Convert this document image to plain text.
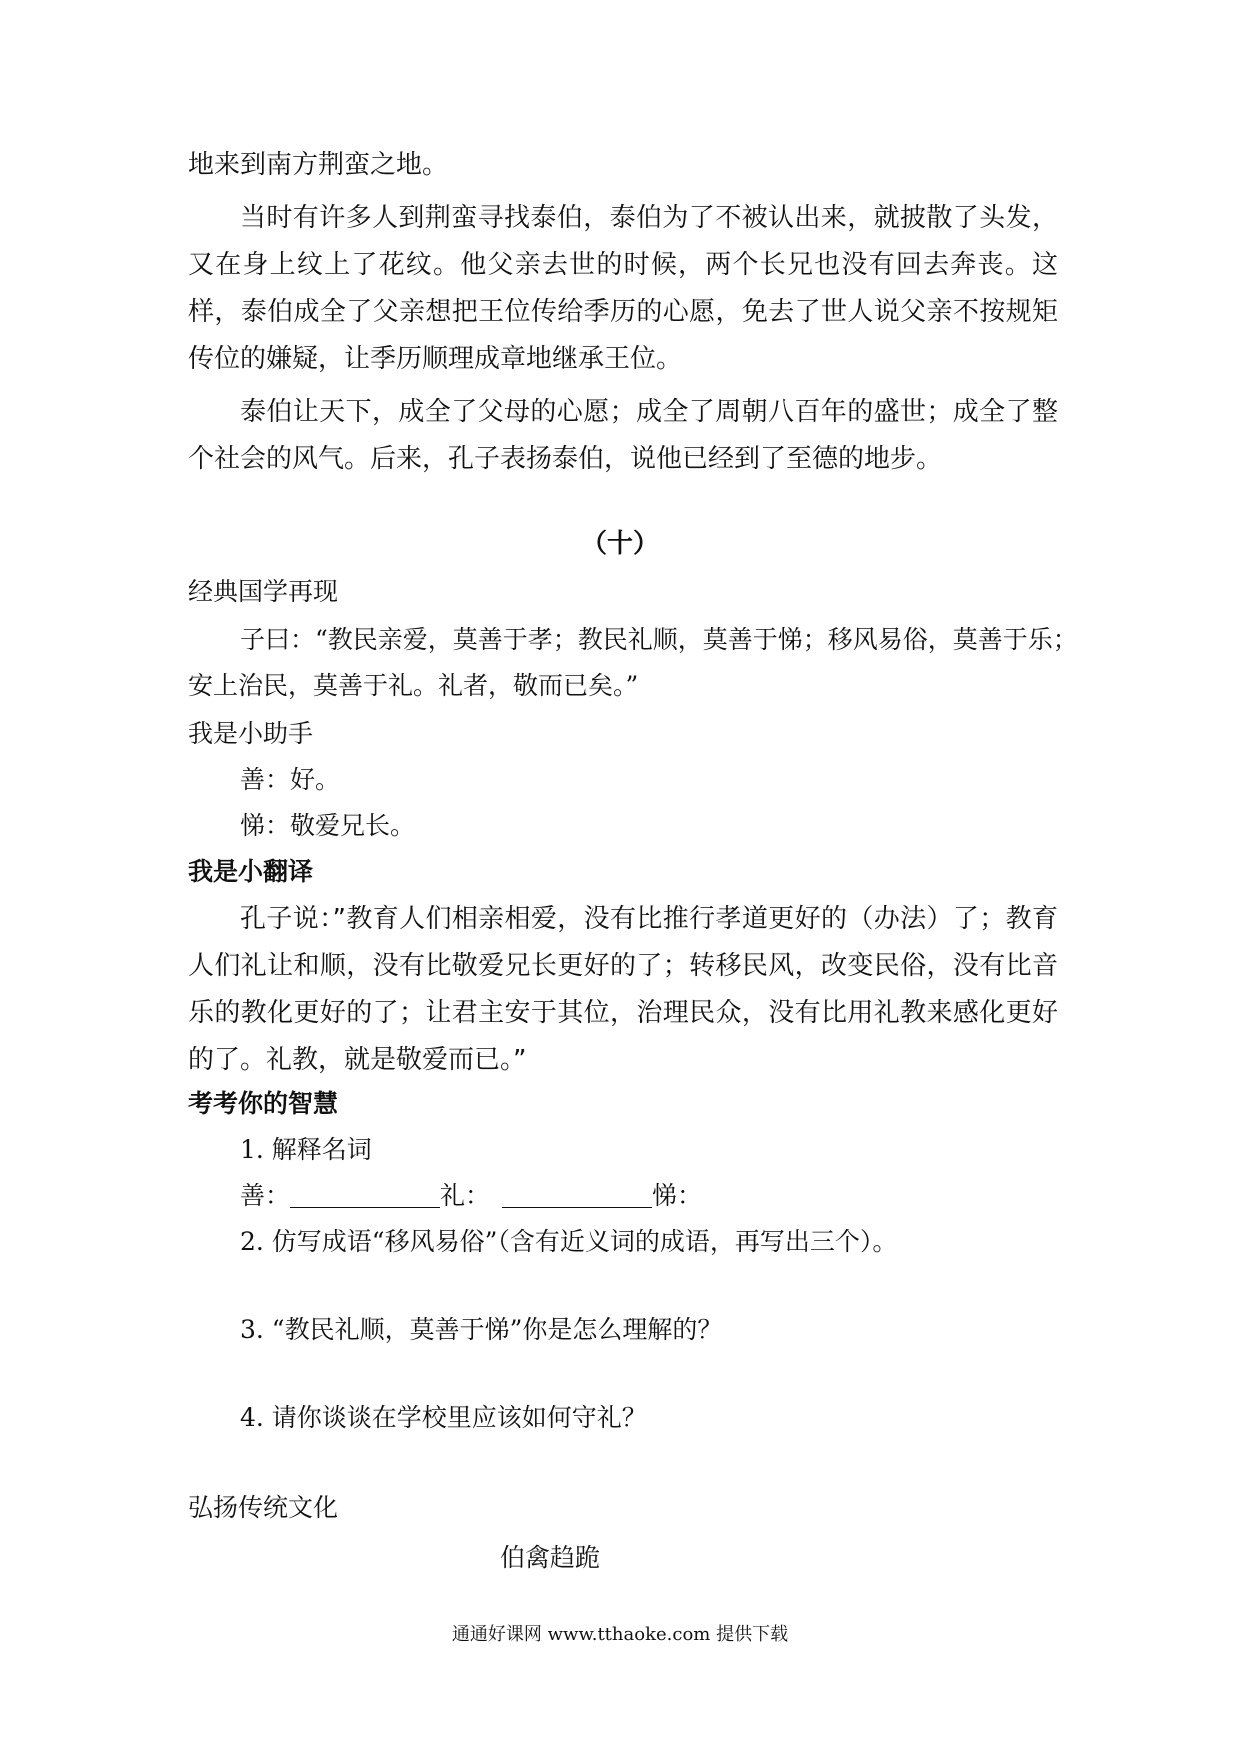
地来到南方荆蛮之地。

当时有许多人到荆蛮寻找泰伯，泰伯为了不被认出来，就披散了头发，又在身上纹上了花纹。他父亲去世的时候，两个长兄也没有回去奔丧。这样，泰伯成全了父亲想把王位传给季历的心愿，免去了世人说父亲不按规矩传位的嫌疑，让季历顺理成章地继承王位。

泰伯让天下，成全了父母的心愿；成全了周朝八百年的盛世；成全了整个社会的风气。后来，孔子表扬泰伯，说他已经到了至德的地步。

（十）
经典国学再现
子曰：“教民亲爱，莫善于孝；教民礼顺，莫善于悌；移风易俗，莫善于乐；
安上治民，莫善于礼。礼者，敬而已矣。”
我是小助手
善：好。
悌：敬爱兄长。
我是小翻译

孔子说：”教育人们相亲相爱，没有比推行孝道更好的（办法）了；教育人们礼让和顺，没有比敬爱兄长更好的了；转移民风，改变民俗，没有比音乐的教化更好的了；让君主安于其位，治理民众，没有比用礼教来感化更好的了。礼教，就是敬爱而已。”

考考你的智慧
1. 解释名词
善：	礼：	悌：
2. 仿写成语“移风易俗”（含有近义词的成语，再写出三个）。
3. “教民礼顺，莫善于悌”你是怎么理解的？
4. 请你谈谈在学校里应该如何守礼？
弘扬传统文化
伯禽趋跪
通通好课网 www.tthaoke.com 提供下载
